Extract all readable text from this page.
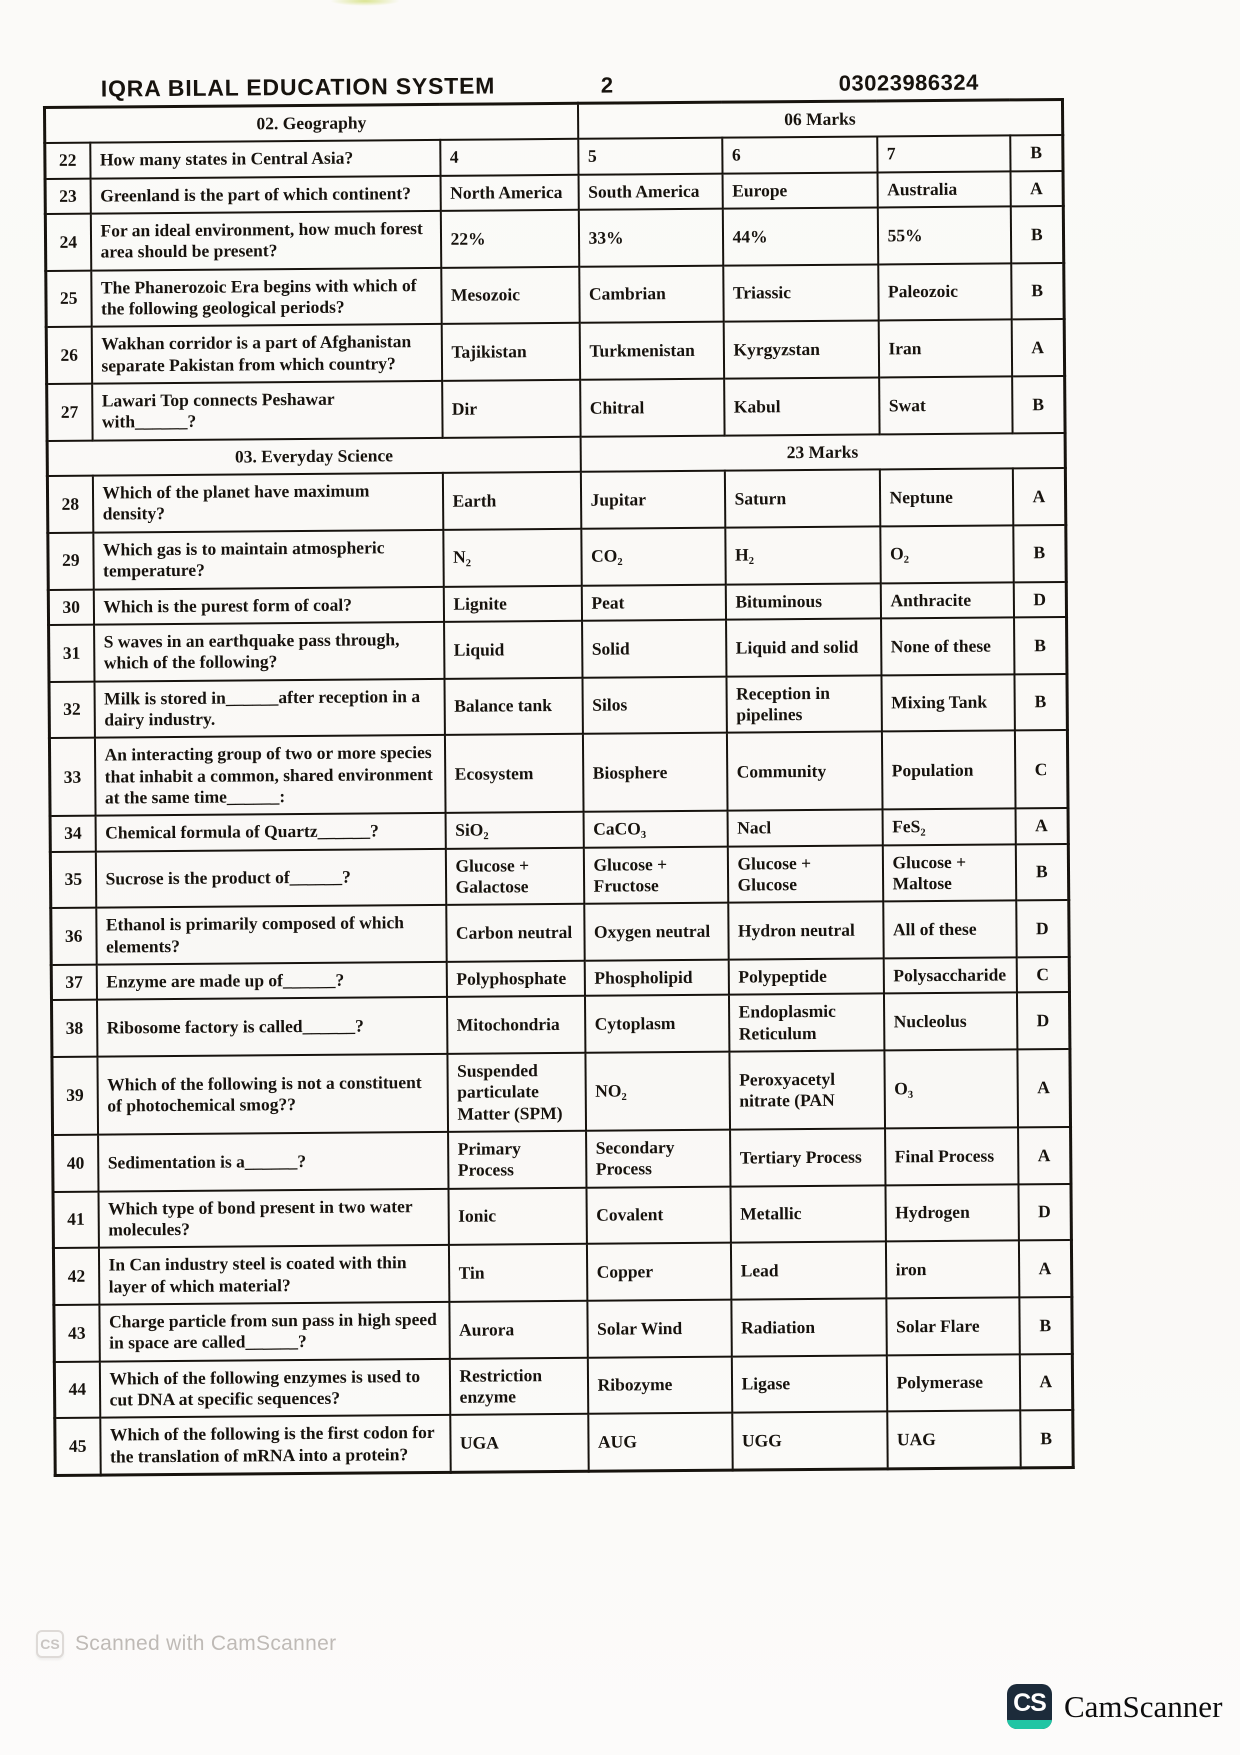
IQRA BILAL EDUCATION SYSTEM	2	03023986324
02. Geography			06 Marks			
22	How many states in Central Asia?	4	5	6	7	B
23	Greenland is the part of which continent?	North America	South America	Europe	Australia	A
24	For an ideal environment, how much forest area should be present?	22%	33%	44%	55%	B
25	The Phanerozoic Era begins with which of the following geological periods?	Mesozoic	Cambrian	Triassic	Paleozoic	B
26	Wakhan corridor is a part of Afghanistan separate Pakistan from which country?	Tajikistan	Turkmenistan	Kyrgyzstan	Iran	A
27	Lawari Top connects Peshawar with______?	Dir	Chitral	Kabul	Swat	B
03. Everyday Science			23 Marks			
28	Which of the planet have maximum density?	Earth	Jupitar	Saturn	Neptune	A
29	Which gas is to maintain atmospheric temperature?	N₂	CO₂	H₂	O₂	B
30	Which is the purest form of coal?	Lignite	Peat	Bituminous	Anthracite	D
31	S waves in an earthquake pass through, which of the following?	Liquid	Solid	Liquid and solid	None of these	B
32	Milk is stored in______after reception in a dairy industry.	Balance tank	Silos	Reception in pipelines	Mixing Tank	B
33	An interacting group of two or more species that inhabit a common, shared environment at the same time______:	Ecosystem	Biosphere	Community	Population	C
34	Chemical formula of Quartz______?	SiO₂	CaCO₃	Nacl	FeS₂	A
35	Sucrose is the product of______?	Glucose + Galactose	Glucose + Fructose	Glucose + Glucose	Glucose + Maltose	B
36	Ethanol is primarily composed of which elements?	Carbon neutral	Oxygen neutral	Hydron neutral	All of these	D
37	Enzyme are made up of______?	Polyphosphate	Phospholipid	Polypeptide	Polysaccharide	C
38	Ribosome factory is called______?	Mitochondria	Cytoplasm	Endoplasmic Reticulum	Nucleolus	D
39	Which of the following is not a constituent of photochemical smog??	Suspended particulate Matter (SPM)	NO₂	Peroxyacetyl nitrate (PAN	O₃	A
40	Sedimentation is a______?	Primary Process	Secondary Process	Tertiary Process	Final Process	A
41	Which type of bond present in two water molecules?	Ionic	Covalent	Metallic	Hydrogen	D
42	In Can industry steel is coated with thin layer of which material?	Tin	Copper	Lead	iron	A
43	Charge particle from sun pass in high speed in space are called______?	Aurora	Solar Wind	Radiation	Solar Flare	B
44	Which of the following enzymes is used to cut DNA at specific sequences?	Restriction enzyme	Ribozyme	Ligase	Polymerase	A
45	Which of the following is the first codon for the translation of mRNA into a protein?	UGA	AUG	UGG	UAG	B
CS Scanned with CamScanner
CS CamScanner
